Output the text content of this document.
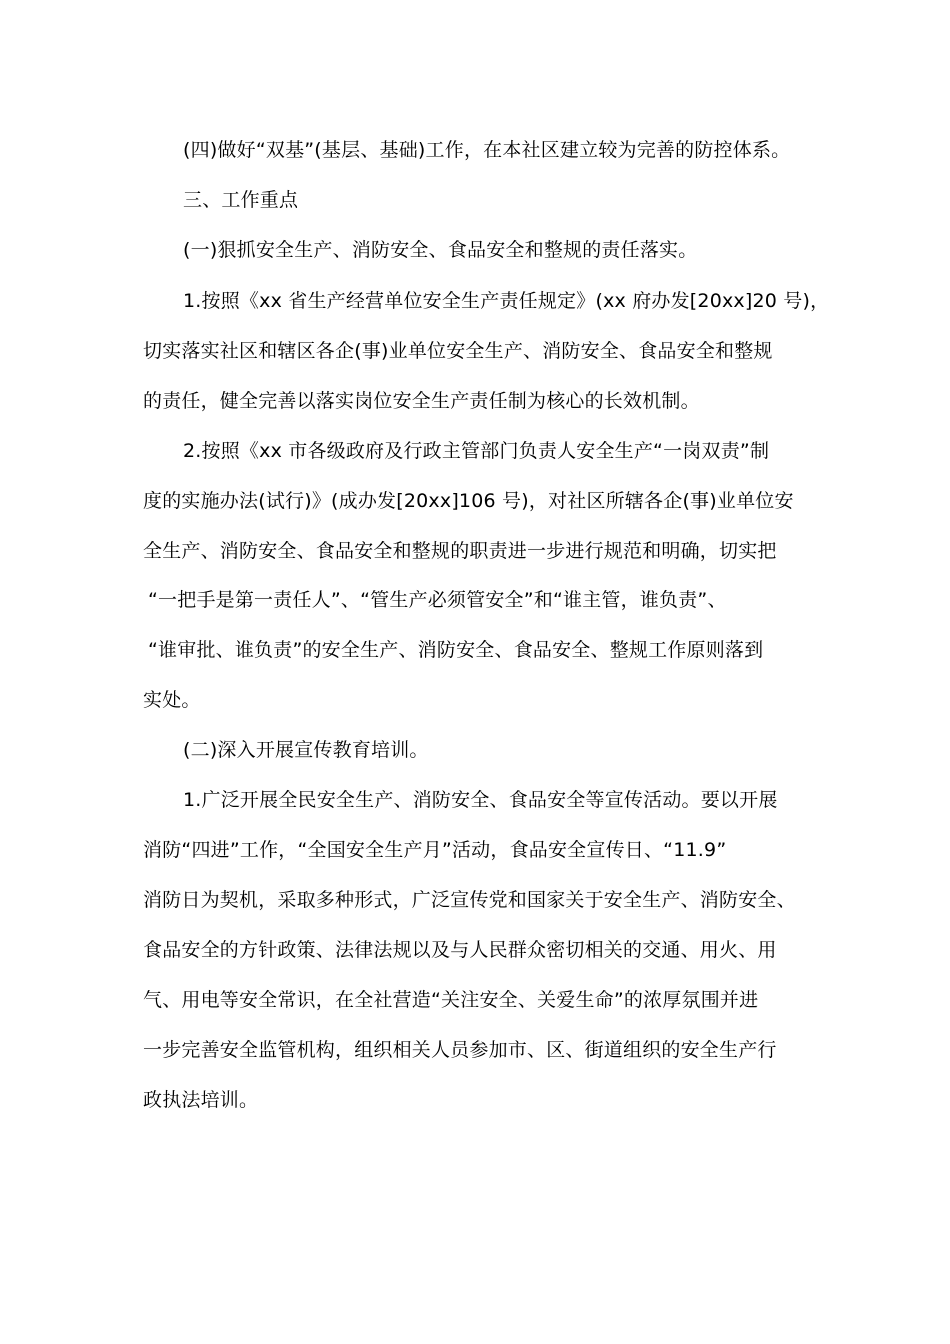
(四)做好“双基”(基层、基础)工作，在本社区建立较为完善的防控体系。
三、工作重点
(一)狠抓安全生产、消防安全、食品安全和整规的责任落实。
1.按照《xx 省生产经营单位安全生产责任规定》(xx 府办发[20xx]20 号)，
切实落实社区和辖区各企(事)业单位安全生产、消防安全、食品安全和整规
的责任，健全完善以落实岗位安全生产责任制为核心的长效机制。
2.按照《xx 市各级政府及行政主管部门负责人安全生产“一岗双责”制
度的实施办法(试行)》(成办发[20xx]106 号)，对社区所辖各企(事)业单位安
全生产、消防安全、食品安全和整规的职责进一步进行规范和明确，切实把
“一把手是第一责任人”、“管生产必须管安全”和“谁主管，谁负责”、
“谁审批、谁负责”的安全生产、消防安全、食品安全、整规工作原则落到
实处。
(二)深入开展宣传教育培训。
1.广泛开展全民安全生产、消防安全、食品安全等宣传活动。要以开展
消防“四进”工作，“全国安全生产月”活动，食品安全宣传日、“11.9”
消防日为契机，采取多种形式，广泛宣传党和国家关于安全生产、消防安全、
食品安全的方针政策、法律法规以及与人民群众密切相关的交通、用火、用
气、用电等安全常识，在全社营造“关注安全、关爱生命”的浓厚氛围并进
一步完善安全监管机构，组织相关人员参加市、区、街道组织的安全生产行
政执法培训。
